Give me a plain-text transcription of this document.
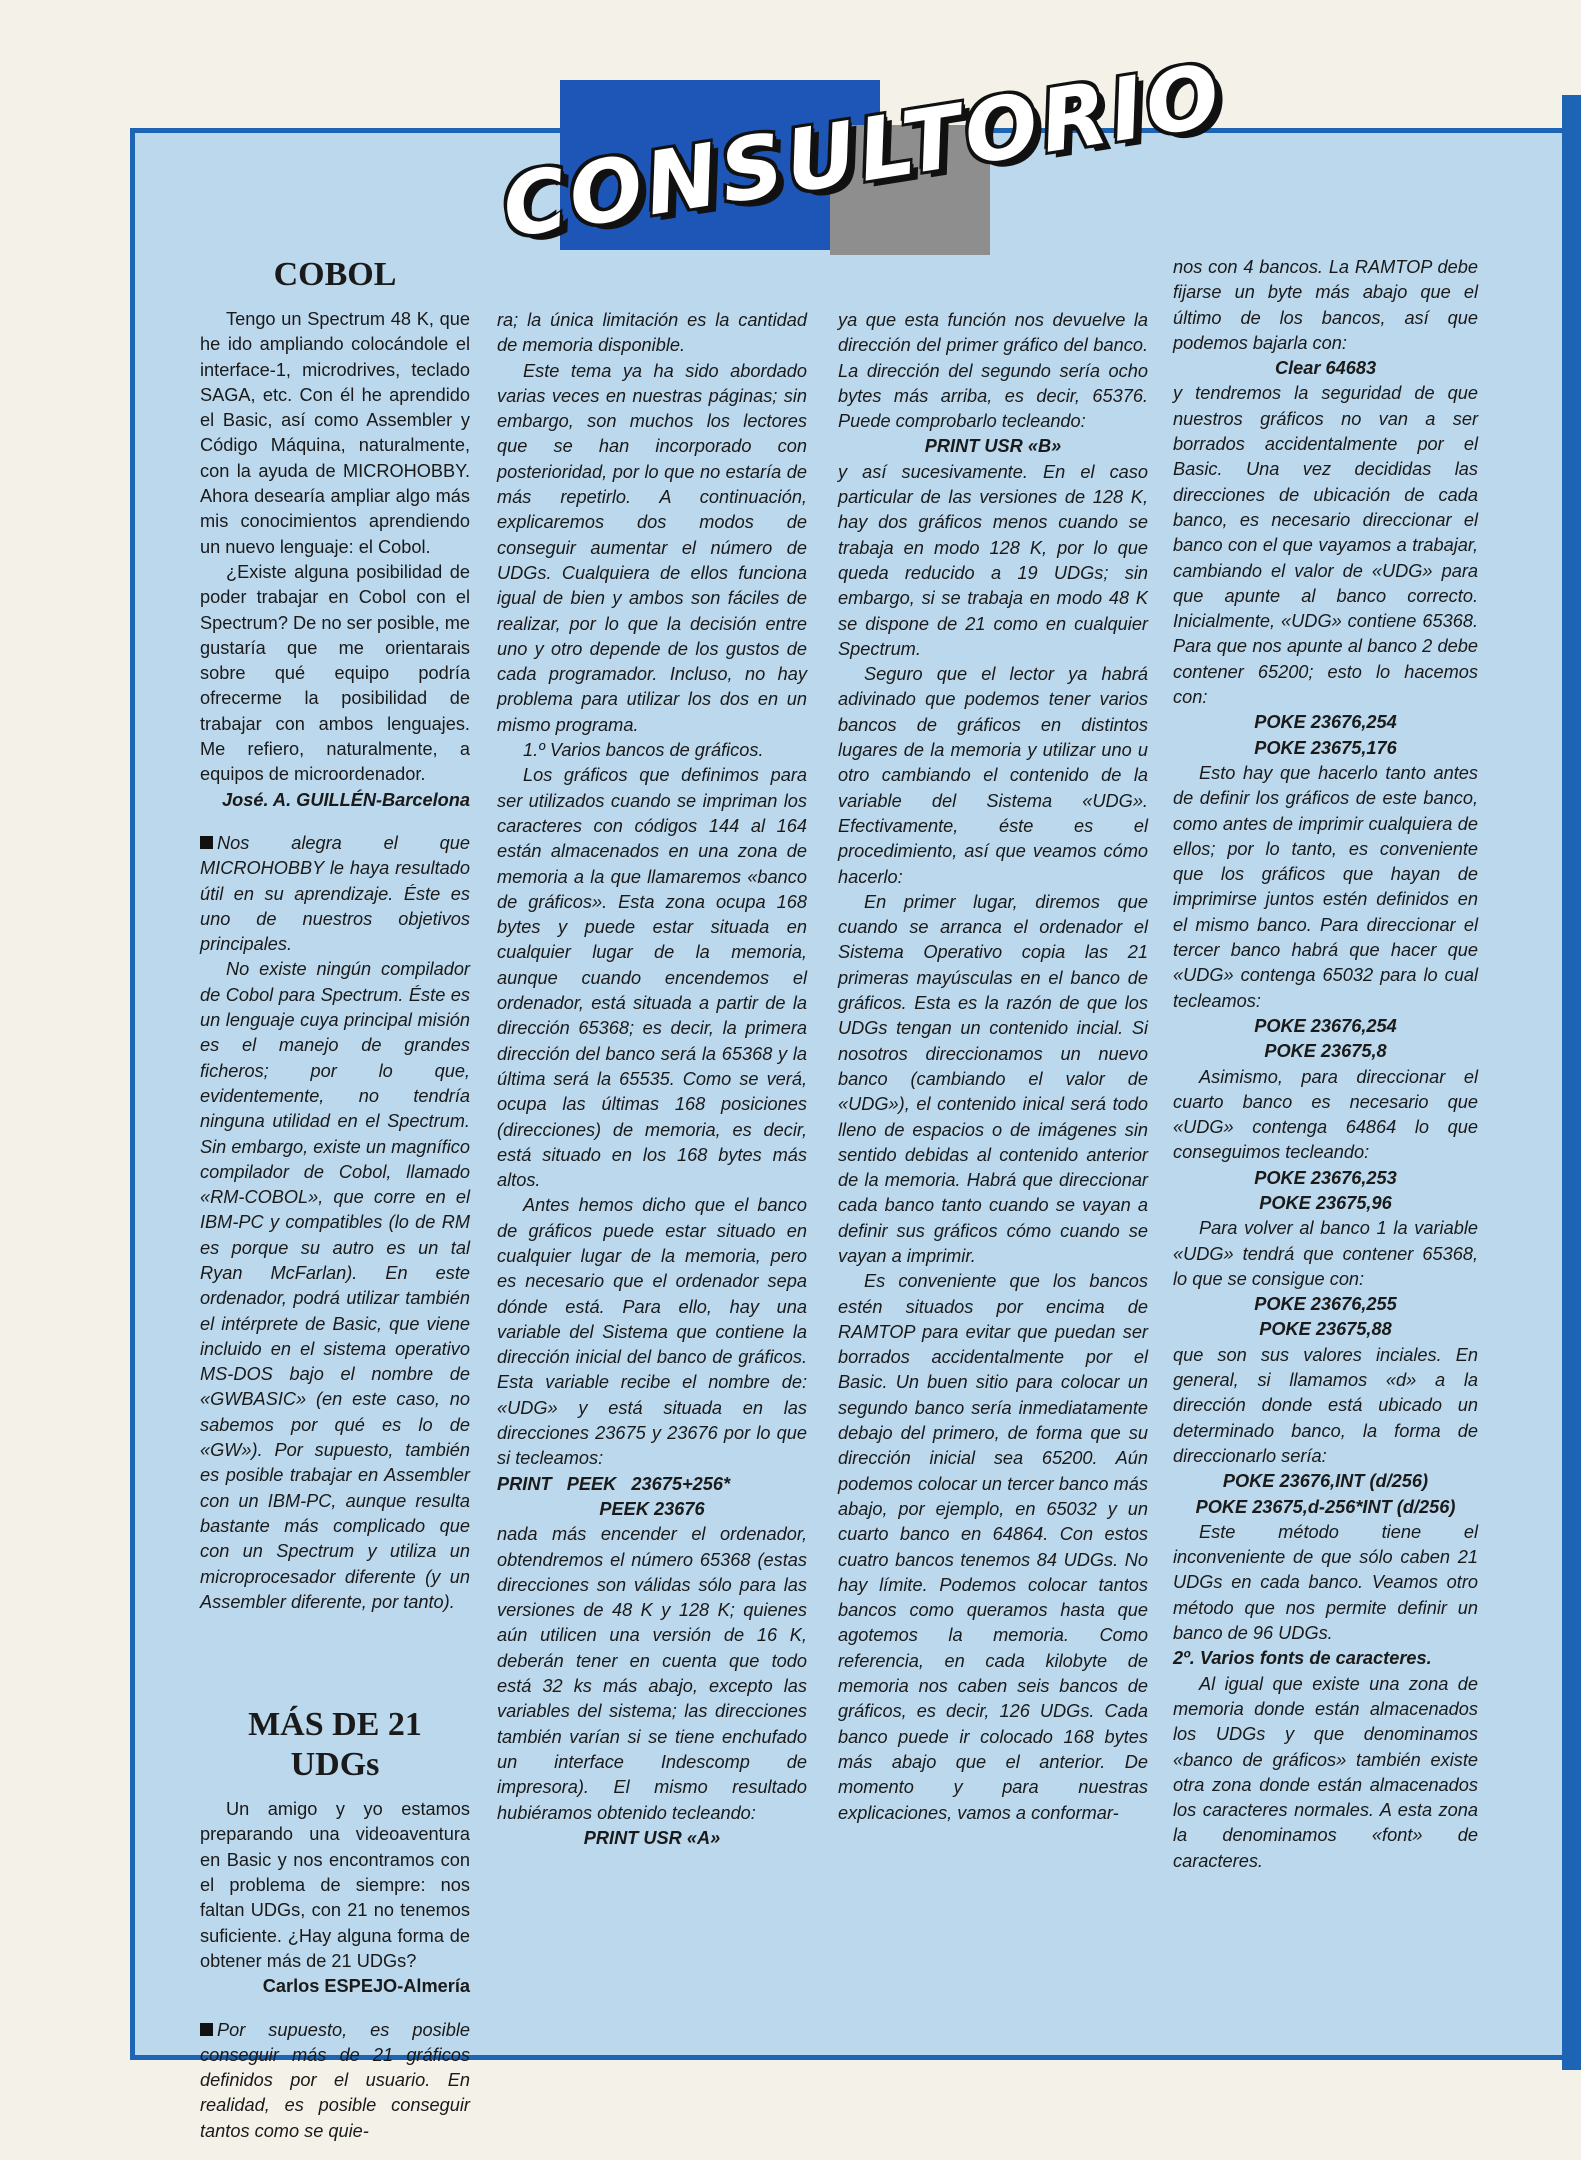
CONSULTORIO
COBOL

Tengo un Spectrum 48 K, que he ido ampliando colocándole el interface-1, microdrives, teclado SAGA, etc. Con él he aprendido el Basic, así como Assembler y Código Máquina, naturalmente, con la ayuda de MICROHOBBY. Ahora desearía ampliar algo más mis conocimientos aprendiendo un nuevo lenguaje: el Cobol.

¿Existe alguna posibilidad de poder trabajar en Cobol con el Spectrum? De no ser posible, me gustaría que me orientarais sobre qué equipo podría ofrecerme la posibilidad de trabajar con ambos lenguajes. Me refiero, naturalmente, a equipos de microordenador.

José. A. GUILLÉN-Barcelona

Nos alegra el que MICROHOBBY le haya resultado útil en su aprendizaje. Éste es uno de nuestros objetivos principales.

No existe ningún compilador de Cobol para Spectrum. Éste es un lenguaje cuya principal misión es el manejo de grandes ficheros; por lo que, evidentemente, no tendría ninguna utilidad en el Spectrum. Sin embargo, existe un magnífico compilador de Cobol, llamado «RM-COBOL», que corre en el IBM-PC y compatibles (lo de RM es porque su autro es un tal Ryan McFarlan). En este ordenador, podrá utilizar también el intérprete de Basic, que viene incluido en el sistema operativo MS-DOS bajo el nombre de «GWBASIC» (en este caso, no sabemos por qué es lo de «GW»). Por supuesto, también es posible trabajar en Assembler con un IBM-PC, aunque resulta bastante más complicado que con un Spectrum y utiliza un microprocesador diferente (y un Assembler diferente, por tanto).

MÁS DE 21
UDGs

Un amigo y yo estamos preparando una videoaventura en Basic y nos encontramos con el problema de siempre: nos faltan UDGs, con 21 no tenemos suficiente. ¿Hay alguna forma de obtener más de 21 UDGs?

Carlos ESPEJO-Almería

Por supuesto, es posible conseguir más de 21 gráficos definidos por el usuario. En realidad, es posible conseguir tantos como se quie-

ra; la única limitación es la cantidad de memoria disponible.

Este tema ya ha sido abordado varias veces en nuestras páginas; sin embargo, son muchos los lectores que se han incorporado con posterioridad, por lo que no estaría de más repetirlo. A continuación, explicaremos dos modos de conseguir aumentar el número de UDGs. Cualquiera de ellos funciona igual de bien y ambos son fáciles de realizar, por lo que la decisión entre uno y otro depende de los gustos de cada programador. Incluso, no hay problema para utilizar los dos en un mismo programa.

1.º Varios bancos de gráficos.

Los gráficos que definimos para ser utilizados cuando se impriman los caracteres con códigos 144 al 164 están almacenados en una zona de memoria a la que llamaremos «banco de gráficos». Esta zona ocupa 168 bytes y puede estar situada en cualquier lugar de la memoria, aunque cuando encendemos el ordenador, está situada a partir de la dirección 65368; es decir, la primera dirección del banco será la 65368 y la última será la 65535. Como se verá, ocupa las últimas 168 posiciones (direcciones) de memoria, es decir, está situado en los 168 bytes más altos.

Antes hemos dicho que el banco de gráficos puede estar situado en cualquier lugar de la memoria, pero es necesario que el ordenador sepa dónde está. Para ello, hay una variable del Sistema que contiene la dirección inicial del banco de gráficos. Esta variable recibe el nombre de: «UDG» y está situada en las direcciones 23675 y 23676 por lo que si tecleamos:

PRINT   PEEK   23675+256*

PEEK 23676

nada más encender el ordenador, obtendremos el número 65368 (estas direcciones son válidas sólo para las versiones de 48 K y 128 K; quienes aún utilicen una versión de 16 K, deberán tener en cuenta que todo está 32 ks más abajo, excepto las variables del sistema; las direcciones también varían si se tiene enchufado un interface Indescomp de impresora). El mismo resultado hubiéramos obtenido tecleando:

PRINT USR «A»

ya que esta función nos devuelve la dirección del primer gráfico del banco. La dirección del segundo sería ocho bytes más arriba, es decir, 65376. Puede comprobarlo tecleando:

PRINT USR «B»

y así sucesivamente. En el caso particular de las versiones de 128 K, hay dos gráficos menos cuando se trabaja en modo 128 K, por lo que queda reducido a 19 UDGs; sin embargo, si se trabaja en modo 48 K se dispone de 21 como en cualquier Spectrum.

Seguro que el lector ya habrá adivinado que podemos tener varios bancos de gráficos en distintos lugares de la memoria y utilizar uno u otro cambiando el contenido de la variable del Sistema «UDG». Efectivamente, éste es el procedimiento, así que veamos cómo hacerlo:

En primer lugar, diremos que cuando se arranca el ordenador el Sistema Operativo copia las 21 primeras mayúsculas en el banco de gráficos. Esta es la razón de que los UDGs tengan un contenido incial. Si nosotros direccionamos un nuevo banco (cambiando el valor de «UDG»), el contenido inical será todo lleno de espacios o de imágenes sin sentido debidas al contenido anterior de la memoria. Habrá que direccionar cada banco tanto cuando se vayan a definir sus gráficos cómo cuando se vayan a imprimir.

Es conveniente que los bancos estén situados por encima de RAMTOP para evitar que puedan ser borrados accidentalmente por el Basic. Un buen sitio para colocar un segundo banco sería inmediatamente debajo del primero, de forma que su dirección inicial sea 65200. Aún podemos colocar un tercer banco más abajo, por ejemplo, en 65032 y un cuarto banco en 64864. Con estos cuatro bancos tenemos 84 UDGs. No hay límite. Podemos colocar tantos bancos como queramos hasta que agotemos la memoria. Como referencia, en cada kilobyte de memoria nos caben seis bancos de gráficos, es decir, 126 UDGs. Cada banco puede ir colocado 168 bytes más abajo que el anterior. De momento y para nuestras explicaciones, vamos a conformar-

nos con 4 bancos. La RAMTOP debe fijarse un byte más abajo que el último de los bancos, así que podemos bajarla con:

Clear 64683

y tendremos la seguridad de que nuestros gráficos no van a ser borrados accidentalmente por el Basic. Una vez decididas las direcciones de ubicación de cada banco, es necesario direccionar el banco con el que vayamos a trabajar, cambiando el valor de «UDG» para que apunte al banco correcto. Inicialmente, «UDG» contiene 65368. Para que nos apunte al banco 2 debe contener 65200; esto lo hacemos con:

POKE 23676,254

POKE 23675,176

Esto hay que hacerlo tanto antes de definir los gráficos de este banco, como antes de imprimir cualquiera de ellos; por lo tanto, es conveniente que los gráficos que hayan de imprimirse juntos estén definidos en el mismo banco. Para direccionar el tercer banco habrá que hacer que «UDG» contenga 65032 para lo cual tecleamos:

POKE 23676,254

POKE 23675,8

Asimismo, para direccionar el cuarto banco es necesario que «UDG» contenga 64864 lo que conseguimos tecleando:

POKE 23676,253

POKE 23675,96

Para volver al banco 1 la variable «UDG» tendrá que contener 65368, lo que se consigue con:

POKE 23676,255

POKE 23675,88

que son sus valores inciales. En general, si llamamos «d» a la dirección donde está ubicado un determinado banco, la forma de direccionarlo sería:

POKE 23676,INT (d/256)

POKE 23675,d-256*INT (d/256)

Este método tiene el inconveniente de que sólo caben 21 UDGs en cada banco. Veamos otro método que nos permite definir un banco de 96 UDGs.

2º. Varios fonts de caracteres.

Al igual que existe una zona de memoria donde están almacenados los UDGs y que denominamos «banco de gráficos» también existe otra zona donde están almacenados los caracteres normales. A esta zona la denominamos «font» de caracteres.
